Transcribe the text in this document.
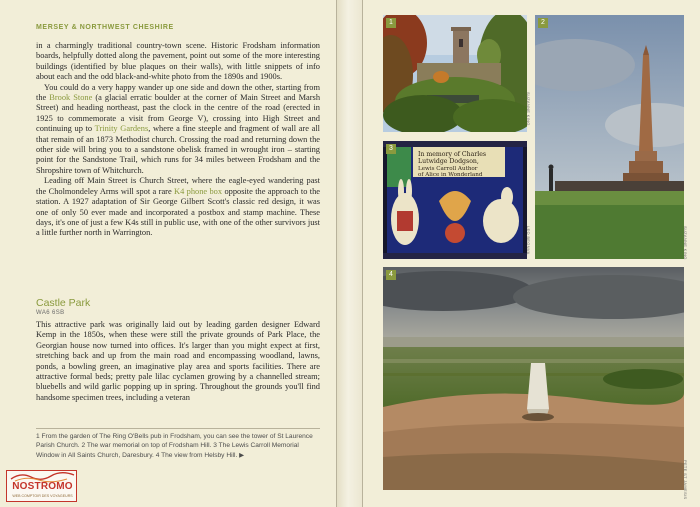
MERSEY & NORTHWEST CHESHIRE

in a charmingly traditional country-town scene. Historic Frodsham information boards, helpfully dotted along the pavement, point out some of the more interesting buildings (identified by blue plaques on their walls), with little snippets of info about each and the odd black-and-white photo from the 1890s and 1900s.

You could do a very happy wander up one side and down the other, starting from the Brook Stone (a glacial erratic boulder at the corner of Main Street and Marsh Street) and heading northeast, past the clock in the centre of the road (erected in 1925 to commemorate a visit from George V), crossing into High Street and continuing up to Trinity Gardens, where a fine steeple and fragment of wall are all that remain of an 1873 Methodist church. Crossing the road and returning down the other side will bring you to a sandstone obelisk framed in wrought iron – starting point for the Sandstone Trail, which runs for 34 miles between Frodsham and the Shropshire town of Whitchurch.

Leading off Main Street is Church Street, where the eagle-eyed wandering past the Cholmondeley Arms will spot a rare K4 phone box opposite the approach to the station. A 1927 adaptation of Sir George Gilbert Scott's classic red design, it was one of only 50 ever made and incorporated a postbox and stamp machine. These days, it's one of just a few K4s still in public use, with one of the other survivors just a little further north in Warrington.

Castle Park
WA6 6SB

This attractive park was originally laid out by leading garden designer Edward Kemp in the 1850s, when these were still the private grounds of Park Place, the Georgian house now turned into offices. It's larger than you might expect at first, stretching back and up from the main road and encompassing woodland, lawns, ponds, a bowling green, an imaginative play area and sports facilities. There are attractive formal beds; pretty pale lilac cyclamen growing by a channelled stream; bluebells and wild garlic popping up in spring. Throughout the grounds you'll find handsome specimen trees, including a veteran

1 From the garden of The Ring O'Bells pub in Frodsham, you can see the tower of St Laurence Parish Church. 2 The war memorial on top of Frodsham Hill. 3 The Lewis Carroll Memorial Window in All Saints Church, Daresbury. 4 The view from Helsby Hill. ▶
NOSTROMO
WEB COMPTOIR DES VOYAGEURS
1
SUZANNE KING
In memory of Charles
Lutwidge Dodgson,
Lewis Carroll Author
of Alice in Wonderland
3
LEO BEGNI/A
2
SUZANNE KING
4
PETE ST JAMES/S
